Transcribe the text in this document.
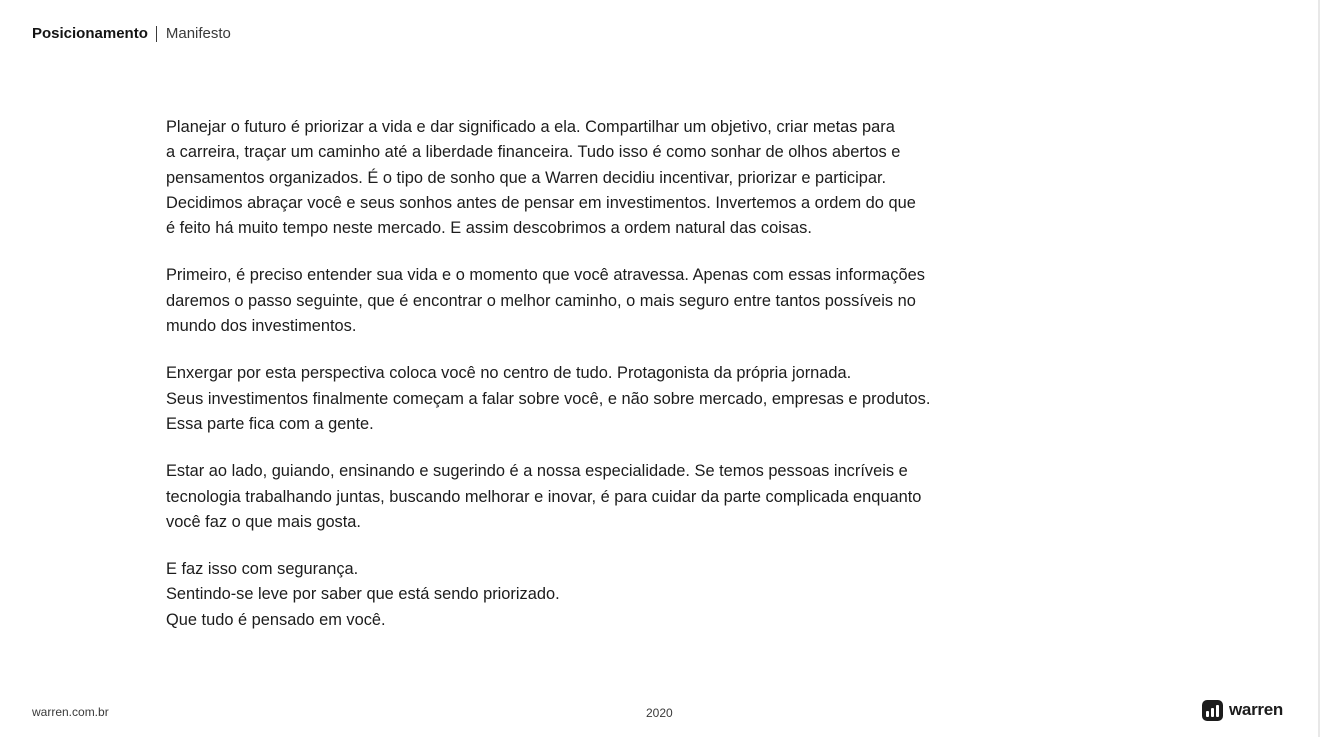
Posicionamento Manifesto

Planejar o futuro é priorizar a vida e dar significado a ela. Compartilhar um objetivo, criar metas para
a carreira, traçar um caminho até a liberdade financeira. Tudo isso é como sonhar de olhos abertos e
pensamentos organizados. É o tipo de sonho que a Warren decidiu incentivar, priorizar e participar.
Decidimos abraçar você e seus sonhos antes de pensar em investimentos. Invertemos a ordem do que
é feito há muito tempo neste mercado. E assim descobrimos a ordem natural das coisas.

Primeiro, é preciso entender sua vida e o momento que você atravessa. Apenas com essas informações
daremos o passo seguinte, que é encontrar o melhor caminho, o mais seguro entre tantos possíveis no
mundo dos investimentos.

Enxergar por esta perspectiva coloca você no centro de tudo. Protagonista da própria jornada.
Seus investimentos finalmente começam a falar sobre você, e não sobre mercado, empresas e produtos.
Essa parte fica com a gente.

Estar ao lado, guiando, ensinando e sugerindo é a nossa especialidade. Se temos pessoas incríveis e
tecnologia trabalhando juntas, buscando melhorar e inovar, é para cuidar da parte complicada enquanto
você faz o que mais gosta.

E faz isso com segurança.
Sentindo-se leve por saber que está sendo priorizado.
Que tudo é pensado em você.

warren.com.br	2020	warren
